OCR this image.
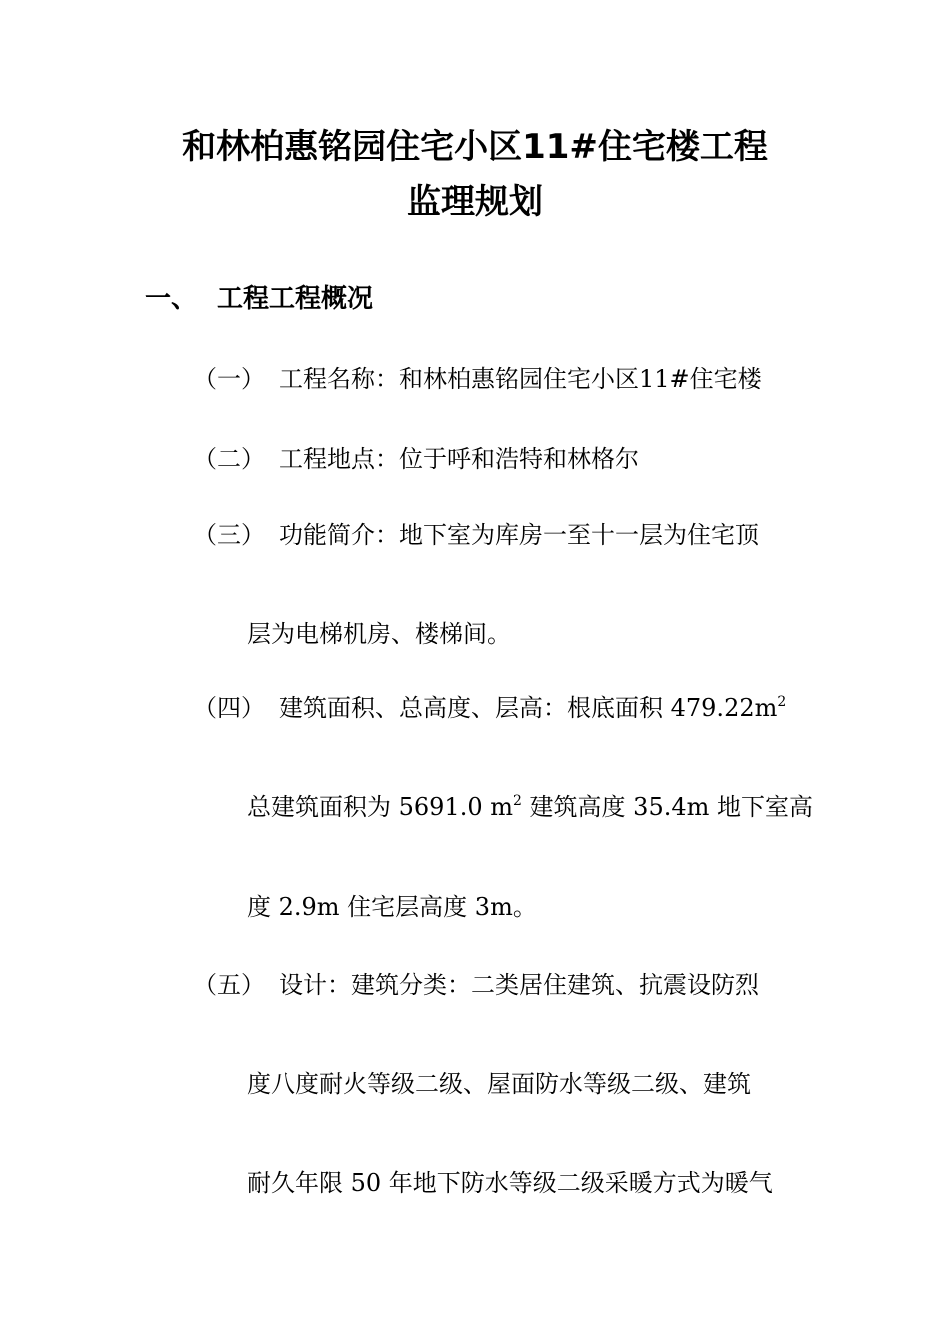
和林柏惠铭园住宅小区11#住宅楼工程
监理规划
一、 工程工程概况
（一） 工程名称：和林柏惠铭园住宅小区11#住宅楼
（二） 工程地点：位于呼和浩特和林格尔
（三） 功能简介：地下室为库房一至十一层为住宅顶
层为电梯机房、楼梯间。
（四） 建筑面积、总高度、层高：根底面积 $479.22m^2$
总建筑面积为 5691.0 $m^2$ 建筑高度 35.4m 地下室高
度 2.9m 住宅层高度 3m。
（五） 设计：建筑分类：二类居住建筑、抗震设防烈
度八度耐火等级二级、屋面防水等级二级、建筑
耐久年限 50 年地下防水等级二级采暖方式为暖气
